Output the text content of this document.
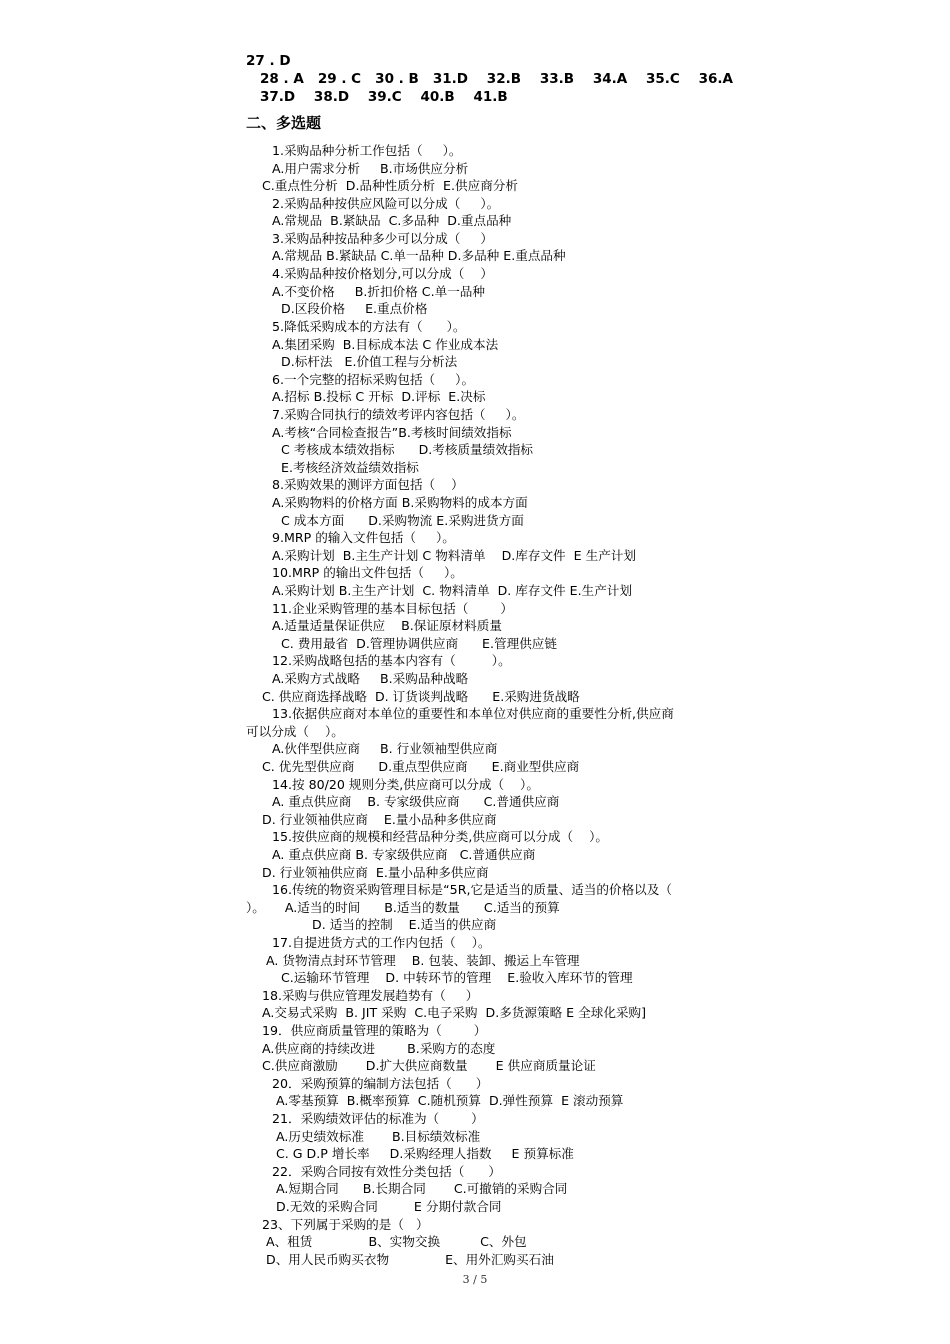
27 . D
28 . A   29 . C   30 . B   31.D    32.B    33.B    34.A    35.C    36.A
37.D    38.D    39.C    40.B    41.B
二、多选题
1.采购品种分析工作包括（     ）。
A.用户需求分析     B.市场供应分析
C.重点性分析  D.品种性质分析  E.供应商分析
2.采购品种按供应风险可以分成（     ）。
A.常规品  B.紧缺品  C.多品种  D.重点品种
3.采购品种按品种多少可以分成（     ）
A.常规品 B.紧缺品 C.单一品种 D.多品种 E.重点品种
4.采购品种按价格划分,可以分成（    ）
A.不变价格     B.折扣价格 C.单一品种
D.区段价格     E.重点价格
5.降低采购成本的方法有（      ）。
A.集团采购  B.目标成本法 C 作业成本法
D.标杆法   E.价值工程与分析法
6.一个完整的招标采购包括（     ）。
A.招标 B.投标 C 开标  D.评标  E.决标
7.采购合同执行的绩效考评内容包括（     ）。
A.考核“合同检查报告”B.考核时间绩效指标
C 考核成本绩效指标      D.考核质量绩效指标
E.考核经济效益绩效指标
8.采购效果的测评方面包括（    ）
A.采购物料的价格方面 B.采购物料的成本方面
C 成本方面      D.采购物流 E.采购进货方面
9.MRP 的输入文件包括（     ）。
A.采购计划  B.主生产计划 C 物料清单    D.库存文件  E 生产计划
10.MRP 的输出文件包括（     ）。
A.采购计划 B.主生产计划  C. 物料清单  D. 库存文件 E.生产计划
11.企业采购管理的基本目标包括（        ）
A.适量适量保证供应    B.保证原材料质量
C. 费用最省  D.管理协调供应商      E.管理供应链
12.采购战略包括的基本内容有（         ）。
A.采购方式战略     B.采购品种战略
C. 供应商选择战略  D. 订货谈判战略      E.采购进货战略
13.依据供应商对本单位的重要性和本单位对供应商的重要性分析,供应商
可以分成（    ）。
A.伙伴型供应商     B. 行业领袖型供应商
C. 优先型供应商      D.重点型供应商      E.商业型供应商
14.按 80/20 规则分类,供应商可以分成（    ）。
A. 重点供应商    B. 专家级供应商      C.普通供应商
D. 行业领袖供应商    E.量小品种多供应商
15.按供应商的规模和经营品种分类,供应商可以分成（    ）。
A. 重点供应商 B. 专家级供应商   C.普通供应商
D. 行业领袖供应商  E.量小品种多供应商
16.传统的物资采购管理目标是“5R,它是适当的质量、适当的价格以及（
）。     A.适当的时间      B.适当的数量      C.适当的预算
D. 适当的控制    E.适当的供应商
17.自提进货方式的工作内包括（    ）。
A. 货物清点封环节管理    B. 包装、装卸、搬运上车管理
C.运输环节管理    D. 中转环节的管理    E.验收入库环节的管理
18.采购与供应管理发展趋势有（     ）
A.交易式采购  B. JIT 采购  C.电子采购  D.多货源策略 E 全球化采购]
19．供应商质量管理的策略为（        ）
A.供应商的持续改进        B.采购方的态度
C.供应商激励       D.扩大供应商数量       E 供应商质量论证
20．采购预算的编制方法包括（      ）
A.零基预算  B.概率预算  C.随机预算  D.弹性预算  E 滚动预算
21．采购绩效评估的标准为（        ）
A.历史绩效标准       B.目标绩效标准
C. G D.P 增长率     D.采购经理人指数     E 预算标准
22．采购合同按有效性分类包括（      ）
A.短期合同      B.长期合同       C.可撤销的采购合同
D.无效的采购合同         E 分期付款合同
23、下列属于采购的是（   ）
A、租赁              B、实物交换          C、外包
D、用人民币购买衣物              E、用外汇购买石油
3 / 5
